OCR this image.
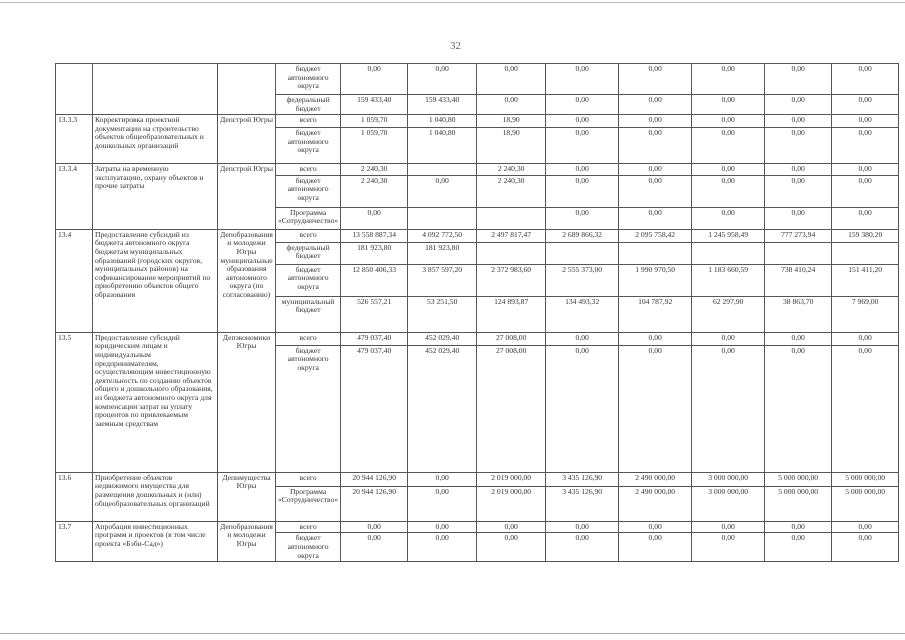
32
			бюджет автономного округа	0,00	0,00	0,00	0,00	0,00	0,00	0,00	0,00
			федеральный бюджет	159 433,40	159 433,40	0,00	0,00	0,00	0,00	0,00	0,00
13.3.3	Корректировка проектной документации на строительство объектов общеобразовательных и дошкольных организаций	Депстрой Югры	всего	1 059,70	1 040,80	18,90	0,00	0,00	0,00	0,00	0,00
			бюджет автономного округа	1 059,70	1 040,80	18,90	0,00	0,00	0,00	0,00	0,00
13.3.4	Затраты на временную эксплуатацию, охрану объектов и прочие затраты	Депстрой Югры	всего	2 240,30		2 240,30	0,00	0,00	0,00	0,00	0,00
			бюджет автономного округа	2 240,30	0,00	2 240,30	0,00	0,00	0,00	0,00	0,00
			Программа «Сотрудничество»	0,00			0,00	0,00	0,00	0,00	0,00
13.4	Предоставление субсидий из бюджета автономного округа бюджетам муниципальных образований (городских округов, муниципальных районов) на софинансирование мероприятий по приобретению объектов общего образования	Депобразования и молодежи Югры муниципальные образования автономного округа (по согласованию)	всего	13 558 887,34	4 092 772,50	2 497 817,47	2 689 866,32	2 095 758,42	1 245 958,49	777 273,94	159 380,20
			федеральный бюджет	181 923,80	181 923,80						
			бюджет автономного округа	12 850 406,33	3 857 597,20	2 372 983,60	2 555 373,00	1 990 970,50	1 183 660,59	738 410,24	151 411,20
			муниципальный бюджет	526 557,21	53 251,50	124 893,87	134 493,32	104 787,92	62 297,90	38 863,70	7 969,00
13.5	Предоставление субсидий юридическим лицам и индивидуальным предпринимателям, осуществляющим инвестиционную деятельность по созданию объектов общего и дошкольного образования, из бюджета автономного округа для компенсации затрат на уплату процентов по привлекаемым заемным средствам	Депэкономики Югры	всего	479 037,40	452 029,40	27 008,00	0,00	0,00	0,00	0,00	0,00
			бюджет автономного округа	479 037,40	452 029,40	27 008,00	0,00	0,00	0,00	0,00	0,00
13.6	Приобретение объектов недвижимого имущества для размещения дошкольных и (или) общеобразовательных организаций	Депимущества Югры	всего	20 944 126,90	0,00	2 019 000,00	3 435 126,90	2 490 000,00	3 000 000,00	5 000 000,00	5 000 000,00
			Программа «Сотрудничество»	20 944 126,90	0,00	2 019 000,00	3 435 126,90	2 490 000,00	3 000 000,00	5 000 000,00	5 000 000,00
13.7	Апробация инвестиционных программ и проектов (в том числе проекта «Бэби-Сад»)	Депобразования и молодежи Югры	всего	0,00	0,00	0,00	0,00	0,00	0,00	0,00	0,00
			бюджет автономного округа	0,00	0,00	0,00	0,00	0,00	0,00	0,00	0,00
